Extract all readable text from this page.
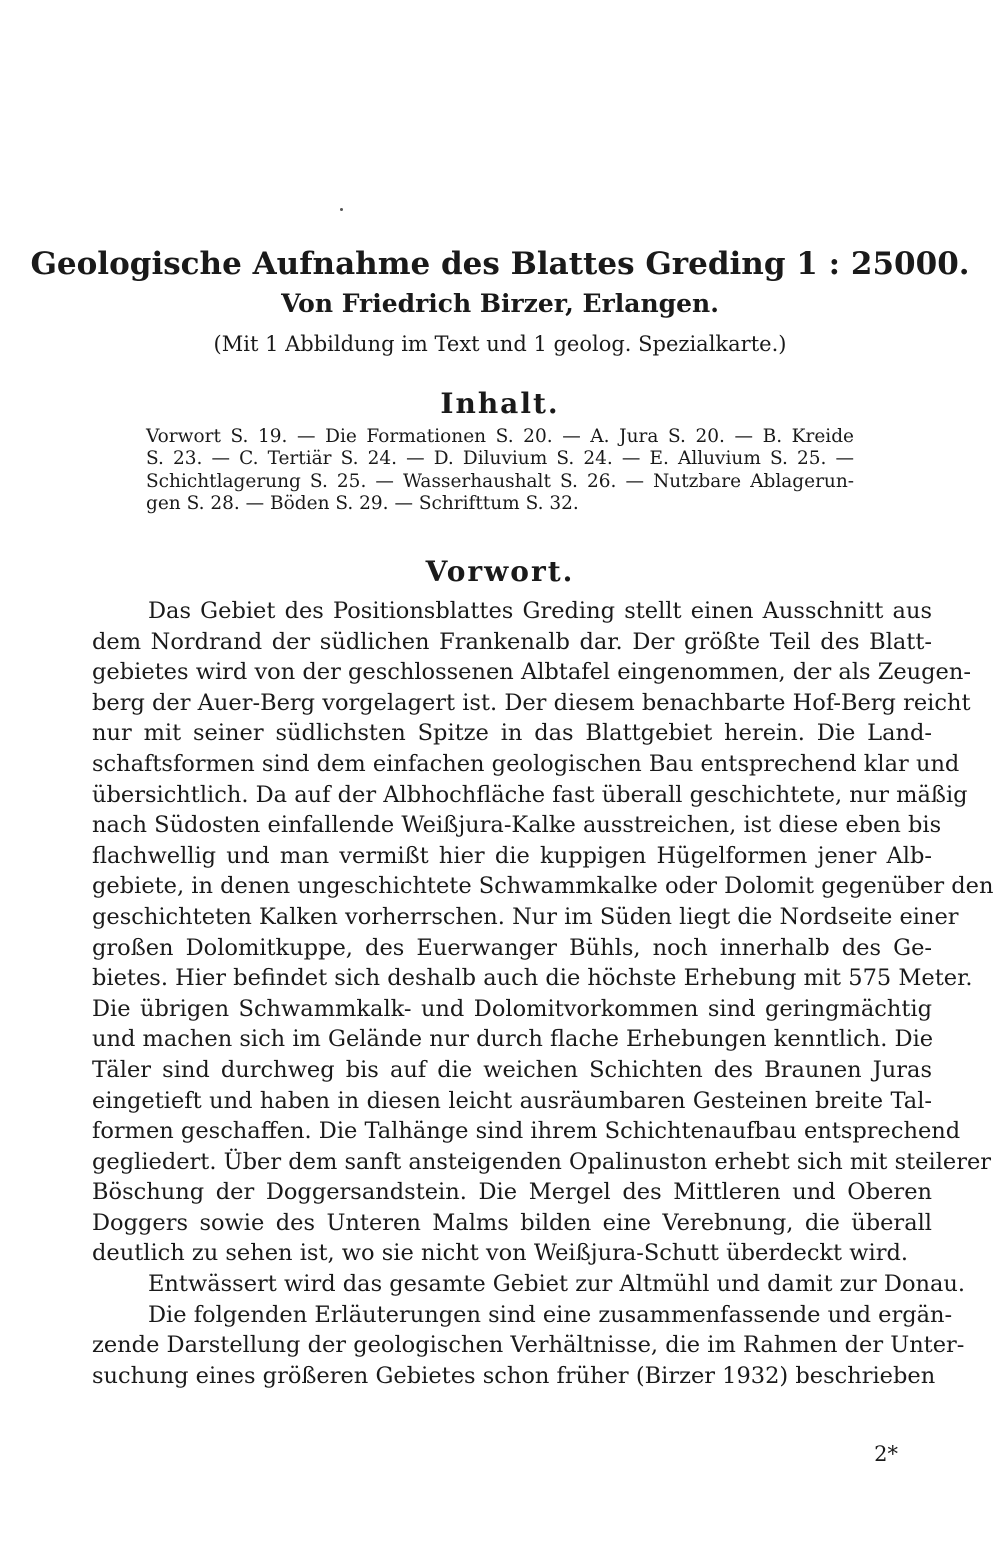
Geologische Aufnahme des Blattes Greding 1 : 25000.
Von Friedrich Birzer, Erlangen.
(Mit 1 Abbildung im Text und 1 geolog. Spezialkarte.)
Inhalt.
Vorwort S. 19. — Die Formationen S. 20. — A. Jura S. 20. — B. Kreide
S. 23. — C. Tertiär S. 24. — D. Diluvium S. 24. — E. Alluvium S. 25. —
Schichtlagerung S. 25. — Wasserhaushalt S. 26. — Nutzbare Ablagerun-
gen S. 28. — Böden S. 29. — Schrifttum S. 32.
Vorwort.

Das Gebiet des Positionsblattes Greding stellt einen Ausschnitt aus
dem Nordrand der südlichen Frankenalb dar. Der größte Teil des Blatt-
gebietes wird von der geschlossenen Albtafel eingenommen, der als Zeugen-
berg der Auer-Berg vorgelagert ist. Der diesem benachbarte Hof-Berg reicht
nur mit seiner südlichsten Spitze in das Blattgebiet herein. Die Land-
schaftsformen sind dem einfachen geologischen Bau entsprechend klar und
übersichtlich. Da auf der Albhochfläche fast überall geschichtete, nur mäßig
nach Südosten einfallende Weißjura-Kalke ausstreichen, ist diese eben bis
flachwellig und man vermißt hier die kuppigen Hügelformen jener Alb-
gebiete, in denen ungeschichtete Schwammkalke oder Dolomit gegenüber den
geschichteten Kalken vorherrschen. Nur im Süden liegt die Nordseite einer
großen Dolomitkuppe, des Euerwanger Bühls, noch innerhalb des Ge-
bietes. Hier befindet sich deshalb auch die höchste Erhebung mit 575 Meter.
Die übrigen Schwammkalk- und Dolomitvorkommen sind geringmächtig
und machen sich im Gelände nur durch flache Erhebungen kenntlich. Die
Täler sind durchweg bis auf die weichen Schichten des Braunen Juras
eingetieft und haben in diesen leicht ausräumbaren Gesteinen breite Tal-
formen geschaffen. Die Talhänge sind ihrem Schichtenaufbau entsprechend
gegliedert. Über dem sanft ansteigenden Opalinuston erhebt sich mit steilerer
Böschung der Doggersandstein. Die Mergel des Mittleren und Oberen
Doggers sowie des Unteren Malms bilden eine Verebnung, die überall
deutlich zu sehen ist, wo sie nicht von Weißjura-Schutt überdeckt wird.

Entwässert wird das gesamte Gebiet zur Altmühl und damit zur Donau.

Die folgenden Erläuterungen sind eine zusammenfassende und ergän-
zende Darstellung der geologischen Verhältnisse, die im Rahmen der Unter-
suchung eines größeren Gebietes schon früher (Birzer 1932) beschrieben

2*
